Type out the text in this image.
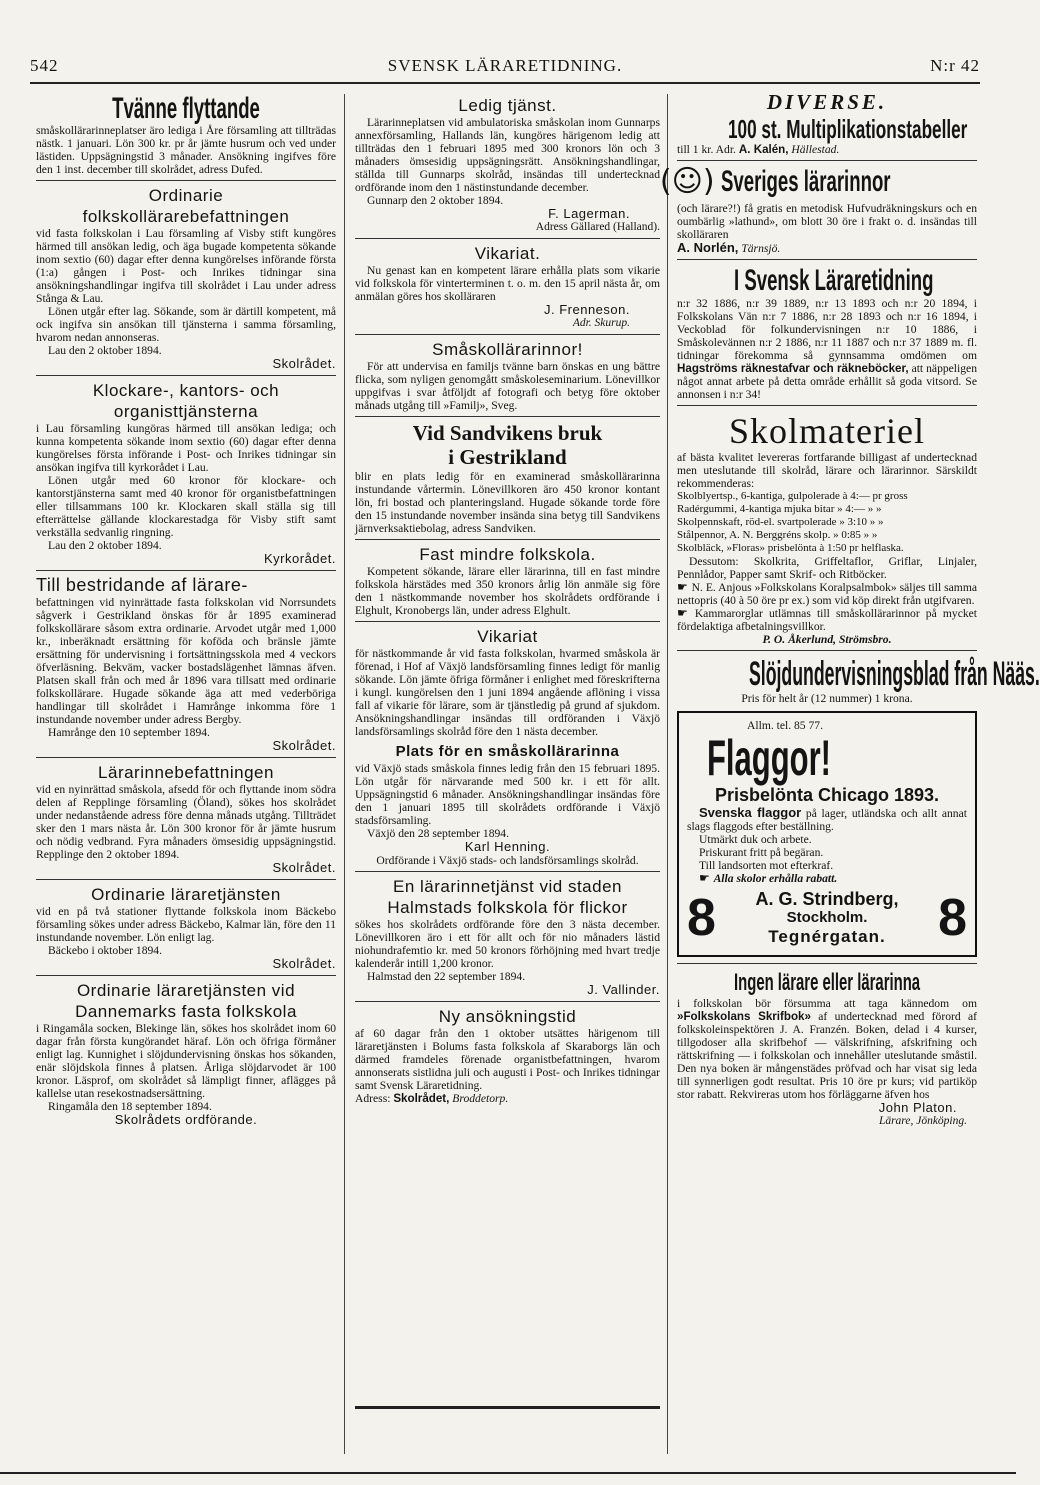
542	SVENSK LÄRARETIDNING.	N:r 42
Tvänne flyttande

småskollärarinneplatser äro lediga i Åre församling att tillträdas nästk. 1 januari. Lön 300 kr. pr år jämte husrum och ved under lästiden. Uppsägningstid 3 månader. Ansökning ingifves före den 1 inst. december till skolrådet, adress Dufed.

Ordinarie
folkskollärarebefattningen

vid fasta folkskolan i Lau församling af Visby stift kungöres härmed till ansökan ledig, och äga bugade kompetenta sökande inom sextio (60) dagar efter denna kungörelses införande första (1:a) gången i Post- och Inrikes tidningar sina ansökningshandlingar ingifva till skolrådet i Lau under adress Stånga & Lau.

Lönen utgår efter lag. Sökande, som är därtill kompetent, må ock ingifva sin ansökan till tjänsterna i samma församling, hvarom nedan annonseras.

Lau den 2 oktober 1894.

Skolrådet.
Klockare-, kantors- och
organisttjänsterna

i Lau församling kungöras härmed till ansökan lediga; och kunna kompetenta sökande inom sextio (60) dagar efter denna kungörelses första införande i Post- och Inrikes tidningar sin ansökan ingifva till kyrkorådet i Lau.

Lönen utgår med 60 kronor för klockare- och kantorstjänsterna samt med 40 kronor för organistbefattningen eller tillsammans 100 kr. Klockaren skall ställa sig till efterrättelse gällande klockarestadga för Visby stift samt verkställa sedvanlig ringning.

Lau den 2 oktober 1894.

Kyrkorådet.
Till bestridande af lärare-

befattningen vid nyinrättade fasta folkskolan vid Norrsundets sågverk i Gestrikland önskas för år 1895 examinerad folkskollärare såsom extra ordinarie. Arvodet utgår med 1,000 kr., inberäknadt ersättning för koföda och bränsle jämte ersättning för undervisning i fortsättningsskola med 4 veckors öfverläsning. Bekväm, vacker bostadslägenhet lämnas äfven. Platsen skall från och med år 1896 varа tillsatt med ordinarie folkskollärare. Hugade sökande äga att med vederböriga handlingar till skolrådet i Hamrånge inkomma före 1 instundande november under adress Bergby.

Hamrånge den 10 september 1894.

Skolrådet.
Lärarinnebefattningen

vid en nyinrättad småskola, afsedd för och flyttande inom södra delen af Repplinge församling (Öland), sökes hos skolrådet under nedanstående adress före denna månads utgång. Tillträdet sker den 1 mars nästa år. Lön 300 kronor för år jämte husrum och nödig vedbrand. Fyra månaders ömsesidig uppsägningstid. Repplinge den 2 oktober 1894.

Skolrådet.
Ordinarie läraretjänsten

vid en på två stationer flyttande folkskola inom Bäckebo församling sökes under adress Bäckebo, Kalmar län, före den 11 instundande november. Lön enligt lag.

Bäckebo i oktober 1894.

Skolrådet.
Ordinarie läraretjänsten vid
Dannemarks fasta folkskola

i Ringamåla socken, Blekinge län, sökes hos skolrådet inom 60 dagar från första kungörandet häraf. Lön och öfriga förmåner enligt lag. Kunnighet i slöjdundervisning önskas hos sökanden, enär slöjdskola finnes å platsen. Årliga slöjdarvodet är 100 kronor. Läsprof, om skolrådet så lämpligt finner, aflägges på kallelse utan resekostnadsersättning.

Ringamåla den 18 september 1894.

Skolrådets ordförande.
Ledig tjänst.

Lärarinneplatsen vid ambulatoriska småskolan inom Gunnarps annexförsamling, Hallands län, kungöres härigenom ledig att tillträdas den 1 februari 1895 med 300 kronors lön och 3 månaders ömsesidig uppsägningsrätt. Ansökningshandlingar, ställda till Gunnarps skolråd, insändas till undertecknad ordförande inom den 1 nästinstundande december.

Gunnarp den 2 oktober 1894.

F. Lagerman.
Adress Gällared (Halland).
Vikariat.

Nu genast kan en kompetent lärare erhålla plats som vikarie vid folkskola för vinterterminen t. o. m. den 15 april nästa år, om anmälan göres hos skolläraren

J. Frenneson.
Adr. Skurup.
Småskollärarinnor!

För att undervisa en familjs tvänne barn önskas en ung bättre flicka, som nyligen genomgått småskoleseminarium. Lönevillkor uppgifvas i svar åtföljdt af fotografi och betyg före oktober månads utgång till »Familj», Sveg.

Vid Sandvikens bruk
i Gestrikland

blir en plats ledig för en examinerad småskollärarinna instundande vårtermin. Lönevillkoren äro 450 kronor kontant lön, fri bostad och planteringsland. Hugade sökande torde före den 15 instundande november insända sina betyg till Sandvikens järnverksaktiebolag, adress Sandviken.

Fast mindre folkskola.

Kompetent sökande, lärare eller lärarinna, till en fast mindre folkskola härstädes med 350 kronors årlig lön anmäle sig före den 1 nästkommande november hos skolrådets ordförande i Elghult, Kronobergs län, under adress Elghult.

Vikariat

för nästkommande år vid fasta folkskolan, hvarmed småskola är förenad, i Hof af Växjö landsförsamling finnes ledigt för manlig sökande. Lön jämte öfriga förmåner i enlighet med föreskrifterna i kungl. kungörelsen den 1 juni 1894 angående aflöning i vissa fall af vikarie för lärare, som är tjänstledig på grund af sjukdom. Ansökningshandlingar insändas till ordföranden i Växjö landsförsamlings skolråd före den 1 nästa december.

Plats för en småskollärarinna

vid Växjö stads småskola finnes ledig från den 15 februari 1895. Lön utgår för närvarande med 500 kr. i ett för allt. Uppsägningstid 6 månader. Ansökningshandlingar insändas före den 1 januari 1895 till skolrådets ordförande i Växjö stadsförsamling.

Växjö den 28 september 1894.

Karl Henning.
Ordförande i Växjö stads- och landsförsamlings skolråd.
En lärarinnetjänst vid staden
Halmstads folkskola för flickor

sökes hos skolrådets ordförande före den 3 nästa december. Lönevillkoren äro i ett för allt och för nio månaders lästid niohundrafemtio kr. med 50 kronors förhöjning med hvart tredje kalenderår intill 1,200 kronor.

Halmstad den 22 september 1894.

J. Vallinder.
Ny ansökningstid

af 60 dagar från den 1 oktober utsättes härigenom till läraretjänsten i Bolums fasta folkskola af Skaraborgs län och därmed framdeles förenade organistbefattningen, hvarom annonserats sistlidna juli och augusti i Post- och Inrikes tidningar samt Svensk Läraretidning.

Adress: Skolrådet, Broddetorp.

DIVERSE.
100 st. Multiplikationstabeller
till 1 kr. Adr. A. Kalén, Hällestad.
(☺) Sveriges lärarinnor

(och lärare?!) få gratis en metodisk Hufvudräkningskurs och en oumbärlig »lathund», om blott 30 öre i frakt o. d. insändas till skolläraren

A. Norlén, Tärnsjö.
I Svensk Läraretidning

n:r 32 1886, n:r 39 1889, n:r 13 1893 och n:r 20 1894, i Folkskolans Vän n:r 7 1886, n:r 28 1893 och n:r 16 1894, i Veckoblad för folkundervisningen n:r 10 1886, i Småskolevännen n:r 2 1886, n:r 11 1887 och n:r 37 1889 m. fl. tidningar förekomma så gynnsamma omdömen om Hagströms räknestafvar och räkneböcker, att näppeligen något annat arbete på detta område erhållit så goda vitsord. Se annonsen i n:r 34!

Skolmateriel

af bästa kvalitet levereras fortfarande billigast af undertecknad men uteslutande till skolråd, lärare och lärarinnor. Särskildt rekommenderas:

Skolblyertsp., 6-kantiga, gulpolerade à 4:— pr gross
Radérgummi, 4-kantiga mjuka bitar » 4:— » »
Skolpennskaft, röd-el. svartpolerade » 3:10 » »
Stålpennor, A. N. Berggréns skolp. » 0:85 » »
Skolbläck, »Floras» prisbelönta à 1:50 pr helflaska.

Dessutom: Skolkrita, Griffeltaflor, Griflar, Linjaler, Pennlådor, Papper samt Skrif- och Ritböcker.

☛ N. E. Anjous »Folkskolans Koralpsalmbok» säljes till samma nettopris (40 à 50 öre pr ex.) som vid köp direkt från utgifvaren.

☛ Kammarorglar utlämnas till småskollärarinnor på mycket fördelaktiga afbetalningsvillkor.

P. O. Åkerlund, Strömsbro.
Slöjdundervisningsblad från Nääs.
Pris för helt år (12 nummer) 1 krona.
Allm. tel. 85 77.
Flaggor!
Prisbelönta Chicago 1893.

Svenska flaggor på lager, utländska och allt annat slags flaggods efter beställning.

Utmärkt duk och arbete.

Priskurant fritt på begäran.

Till landsorten mot efterkraf.

☛ Alla skolor erhålla rabatt.

8 A. G. Strindberg,
Stockholm.
Tegnérgatan. 8
Ingen lärare eller lärarinna

i folkskolan bör försumma att taga kännedom om »Folkskolans Skrifbok» af undertecknad med förord af folkskoleinspektören J. A. Franzén. Boken, delad i 4 kurser, tillgodoser alla skrifbehof — välskrifning, afskrifning och rättskrifning — i folkskolan och innehåller uteslutande småstil. Den nya boken är mångenstädes pröfvad och har visat sig leda till synnerligen godt resultat. Pris 10 öre pr kurs; vid partiköp stor rabatt. Rekvireras utom hos förläggarne äfven hos

John Platon.
Lärare, Jönköping.
